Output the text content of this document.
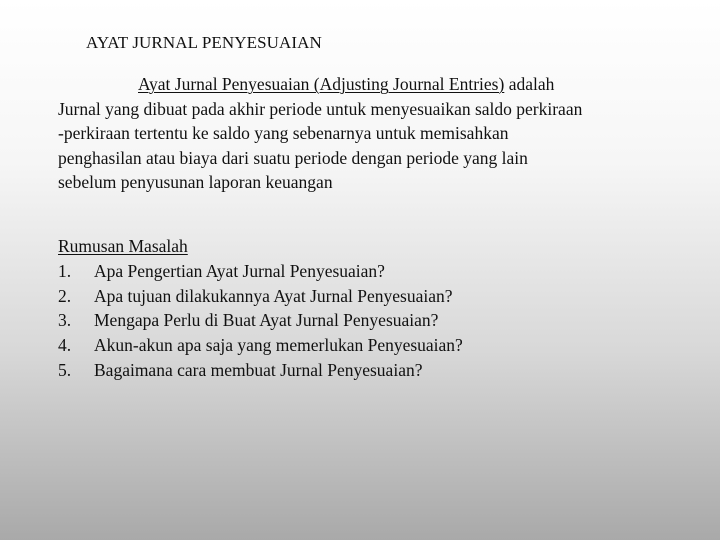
AYAT JURNAL PENYESUAIAN
Ayat Jurnal Penyesuaian (Adjusting Journal Entries) adalah
Jurnal yang dibuat pada akhir periode untuk menyesuaikan saldo perkiraan
-perkiraan tertentu ke saldo yang sebenarnya untuk memisahkan
penghasilan atau biaya dari suatu periode dengan periode yang lain
sebelum penyusunan laporan keuangan
Rumusan Masalah
1.	Apa Pengertian Ayat Jurnal Penyesuaian?
2.	Apa tujuan dilakukannya Ayat Jurnal Penyesuaian?
3.	Mengapa Perlu di Buat Ayat Jurnal Penyesuaian?
4.	Akun-akun apa saja yang memerlukan Penyesuaian?
5.	Bagaimana cara membuat Jurnal Penyesuaian?
